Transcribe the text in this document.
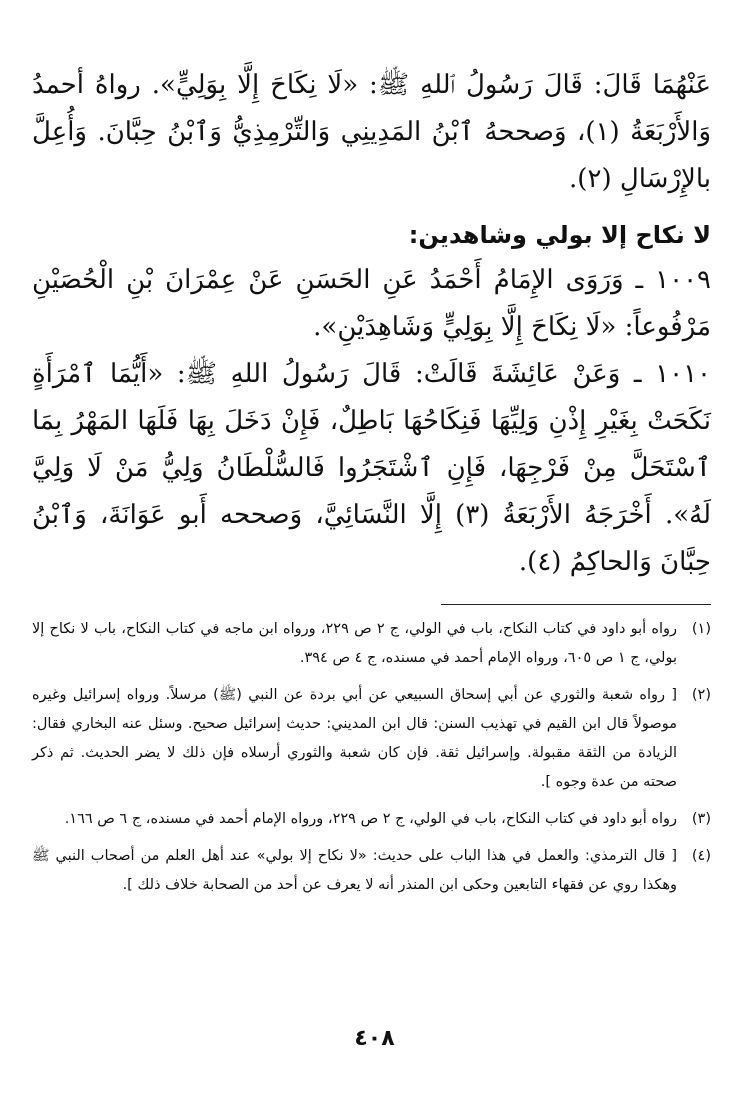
عَنْهُمَا قَالَ: قَالَ رَسُولُ ٱللهِ ﷺ: «لَا نِكَاحَ إِلَّا بِوَلِيٍّ». رواهُ أحمدُ وَالأَرْبَعَةُ (١)، وَصححهُ ٱبْنُ المَدِينِي وَالتِّرْمِذِيُّ وَٱبْنُ حِبَّانَ. وَأُعِلَّ بالإِرْسَالِ (٢).

لا نكاح إلا بولي وشاهدين:

١٠٠٩ ـ وَرَوَى الإِمَامُ أَحْمَدُ عَنِ الحَسَنِ عَنْ عِمْرَانَ بْنِ الْحُصَيْنِ مَرْفُوعاً: «لَا نِكَاحَ إِلَّا بِوَلِيٍّ وَشَاهِدَيْنِ».

١٠١٠ ـ وَعَنْ عَائِشَةَ قَالَتْ: قَالَ رَسُولُ اللهِ ﷺ: «أَيُّمَا ٱمْرَأَةٍ نَكَحَتْ بِغَيْرِ إِذْنِ وَلِيِّهَا فَنِكَاحُهَا بَاطِلٌ، فَإِنْ دَخَلَ بِهَا فَلَهَا المَهْرُ بِمَا ٱسْتَحَلَّ مِنْ فَرْجِهَا، فَإِنِ ٱشْتَجَرُوا فَالسُّلْطَانُ وَلِيُّ مَنْ لَا وَلِيَّ لَهُ». أَخْرَجَهُ الأَرْبَعَةُ (٣) إِلَّا النَّسَائِيَّ، وَصححه أَبو عَوَانَةَ، وَٱبْنُ حِبَّانَ وَالحاكِمُ (٤).

(١)
رواه أبو داود في كتاب النكاح، باب في الولي، ج ٢ ص ٢٢٩، ورواه ابن ماجه في كتاب النكاح، باب لا نكاح إلا بولي، ج ١ ص ٦٠٥، ورواه الإمام أحمد في مسنده، ج ٤ ص ٣٩٤.
(٢)
[ رواه شعبة والثوري عن أبي إسحاق السبيعي عن أبي بردة عن النبي (ﷺ) مرسلاً. ورواه إسرائيل وغيره موصولاً قال ابن القيم في تهذيب السنن: قال ابن المديني: حديث إسرائيل صحيح. وسئل عنه البخاري فقال: الزيادة من الثقة مقبولة. وإسرائيل ثقة. فإن كان شعبة والثوري أرسلاه فإن ذلك لا يضر الحديث. ثم ذكر صحته من عدة وجوه ].
(٣)
رواه أبو داود في كتاب النكاح، باب في الولي، ج ٢ ص ٢٢٩، ورواه الإمام أحمد في مسنده، ج ٦ ص ١٦٦.
(٤)
[ قال الترمذي: والعمل في هذا الباب على حديث: «لا نكاح إلا بولي» عند أهل العلم من أصحاب النبي ﷺ وهكذا روي عن فقهاء التابعين وحكى ابن المنذر أنه لا يعرف عن أحد من الصحابة خلاف ذلك ].
٤٠٨
